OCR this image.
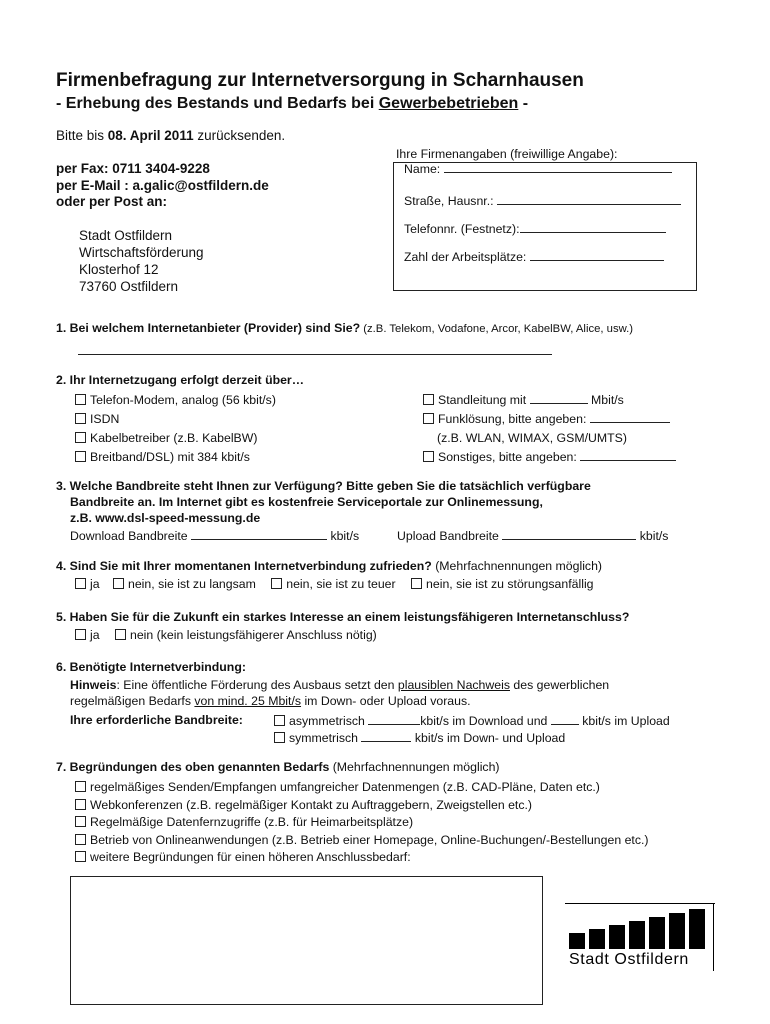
Firmenbefragung zur Internetversorgung in Scharnhausen
- Erhebung des Bestands und Bedarfs bei Gewerbebetrieben -
Bitte bis 08. April 2011 zurücksenden.
per Fax: 0711 3404-9228
per E-Mail : a.galic@ostfildern.de
oder per Post an:
Stadt Ostfildern
Wirtschaftsförderung
Klosterhof 12
73760 Ostfildern
Ihre Firmenangaben (freiwillige Angabe):
Name:
Straße, Hausnr.:
Telefonnr. (Festnetz):
Zahl der Arbeitsplätze:
1. Bei welchem Internetanbieter (Provider) sind Sie? (z.B. Telekom, Vodafone, Arcor, KabelBW, Alice, usw.)
2. Ihr Internetzugang erfolgt derzeit über…
Telefon-Modem, analog (56 kbit/s)
ISDN
Kabelbetreiber (z.B. KabelBW)
Breitband/DSL) mit 384 kbit/s
Standleitung mit	Mbit/s
Funklösung, bitte angeben:
(z.B. WLAN, WIMAX, GSM/UMTS)
Sonstiges, bitte angeben:
3. Welche Bandbreite steht Ihnen zur Verfügung? Bitte geben Sie die tatsächlich verfügbare
Bandbreite an. Im Internet gibt es kostenfreie Serviceportale zur Onlinemessung,
z.B. www.dsl-speed-messung.de
Download Bandbreite	kbit/s	Upload Bandbreite	kbit/s
4. Sind Sie mit Ihrer momentanen Internetverbindung zufrieden? (Mehrfachnennungen möglich)
ja nein, sie ist zu langsam nein, sie ist zu teuer nein, sie ist zu störungsanfällig
5. Haben Sie für die Zukunft ein starkes Interesse an einem leistungsfähigeren Internetanschluss?
ja nein (kein leistungsfähigerer Anschluss nötig)
6. Benötigte Internetverbindung:
Hinweis: Eine öffentliche Förderung des Ausbaus setzt den plausiblen Nachweis des gewerblichen
regelmäßigen Bedarfs von mind. 25 Mbit/s im Down- oder Upload voraus.
Ihre erforderliche Bandbreite:	asymmetrisch	kbit/s im Download und	kbit/s im Upload
symmetrisch	kbit/s im Down- und Upload
7. Begründungen des oben genannten Bedarfs (Mehrfachnennungen möglich)
regelmäßiges Senden/Empfangen umfangreicher Datenmengen (z.B. CAD-Pläne, Daten etc.)
Webkonferenzen (z.B. regelmäßiger Kontakt zu Auftraggebern, Zweigstellen etc.)
Regelmäßige Datenfernzugriffe (z.B. für Heimarbeitsplätze)
Betrieb von Onlineanwendungen (z.B. Betrieb einer Homepage, Online-Buchungen/-Bestellungen etc.)
weitere Begründungen für einen höheren Anschlussbedarf:
Stadt Ostfildern
